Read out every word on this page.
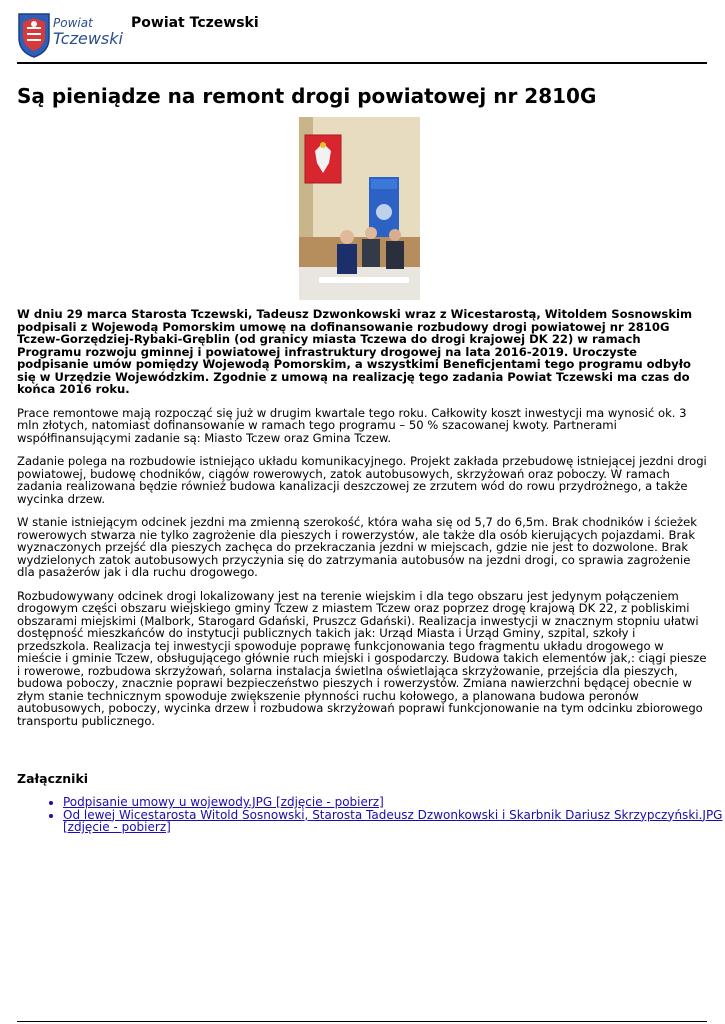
Powiat
Tczewski
Powiat Tczewski
Są pieniądze na remont drogi powiatowej nr 2810G

W dniu 29 marca Starosta Tczewski, Tadeusz Dzwonkowski wraz z Wicestarostą, Witoldem Sosnowskim podpisali z Wojewodą Pomorskim umowę na dofinansowanie rozbudowy drogi powiatowej nr 2810G Tczew-Gorzędziej-Rybaki-Gręblin (od granicy miasta Tczewa do drogi krajowej DK 22) w ramach Programu rozwoju gminnej i powiatowej infrastruktury drogowej na lata 2016-2019. Uroczyste podpisanie umów pomiędzy Wojewodą Pomorskim, a wszystkimi Beneficjentami tego programu odbyło się w Urzędzie Wojewódzkim. Zgodnie z umową na realizację tego zadania Powiat Tczewski ma czas do końca 2016 roku.

Prace remontowe mają rozpocząć się już w drugim kwartale tego roku. Całkowity koszt inwestycji ma wynosić ok. 3 mln złotych, natomiast dofinansowanie w ramach tego programu – 50 % szacowanej kwoty. Partnerami współfinansującymi zadanie są: Miasto Tczew oraz Gmina Tczew.

Zadanie polega na rozbudowie istniejąco układu komunikacyjnego. Projekt zakłada przebudowę istniejącej jezdni drogi powiatowej, budowę chodników, ciągów rowerowych, zatok autobusowych, skrzyżowań oraz poboczy. W ramach zadania realizowana będzie również budowa kanalizacji deszczowej ze zrzutem wód do rowu przydrożnego, a także wycinka drzew.

W stanie istniejącym odcinek jezdni ma zmienną szerokość, która waha się od 5,7 do 6,5m. Brak chodników i ścieżek rowerowych stwarza nie tylko zagrożenie dla pieszych i rowerzystów, ale także dla osób kierujących pojazdami. Brak wyznaczonych przejść dla pieszych zachęca do przekraczania jezdni w miejscach, gdzie nie jest to dozwolone. Brak wydzielonych zatok autobusowych przyczynia się do zatrzymania autobusów na jezdni drogi, co sprawia zagrożenie dla pasażerów jak i dla ruchu drogowego.

Rozbudowywany odcinek drogi lokalizowany jest na terenie wiejskim i dla tego obszaru jest jedynym połączeniem drogowym części obszaru wiejskiego gminy Tczew z miastem Tczew oraz poprzez drogę krajową DK 22, z pobliskimi obszarami miejskimi (Malbork, Starogard Gdański, Pruszcz Gdański). Realizacja inwestycji w znacznym stopniu ułatwi dostępność mieszkańców do instytucji publicznych takich jak: Urząd Miasta i Urząd Gminy, szpital, szkoły i przedszkola. Realizacja tej inwestycji spowoduje poprawę funkcjonowania tego fragmentu układu drogowego w mieście i gminie Tczew, obsługującego głównie ruch miejski i gospodarczy. Budowa takich elementów jak,: ciągi piesze i rowerowe, rozbudowa skrzyżowań, solarna instalacja świetlna oświetlająca skrzyżowanie, przejścia dla pieszych, budowa poboczy, znacznie poprawi bezpieczeństwo pieszych i rowerzystów. Zmiana nawierzchni będącej obecnie w złym stanie technicznym spowoduje zwiększenie płynności ruchu kołowego, a planowana budowa peronów autobusowych, poboczy, wycinka drzew i rozbudowa skrzyżowań poprawi funkcjonowanie na tym odcinku zbiorowego transportu publicznego.

Załączniki
• Podpisanie umowy u wojewody.JPG [zdjęcie - pobierz]
• Od lewej Wicestarosta Witold Sosnowski, Starosta Tadeusz Dzwonkowski i Skarbnik Dariusz Skrzypczyński.JPG [zdjęcie - pobierz]
